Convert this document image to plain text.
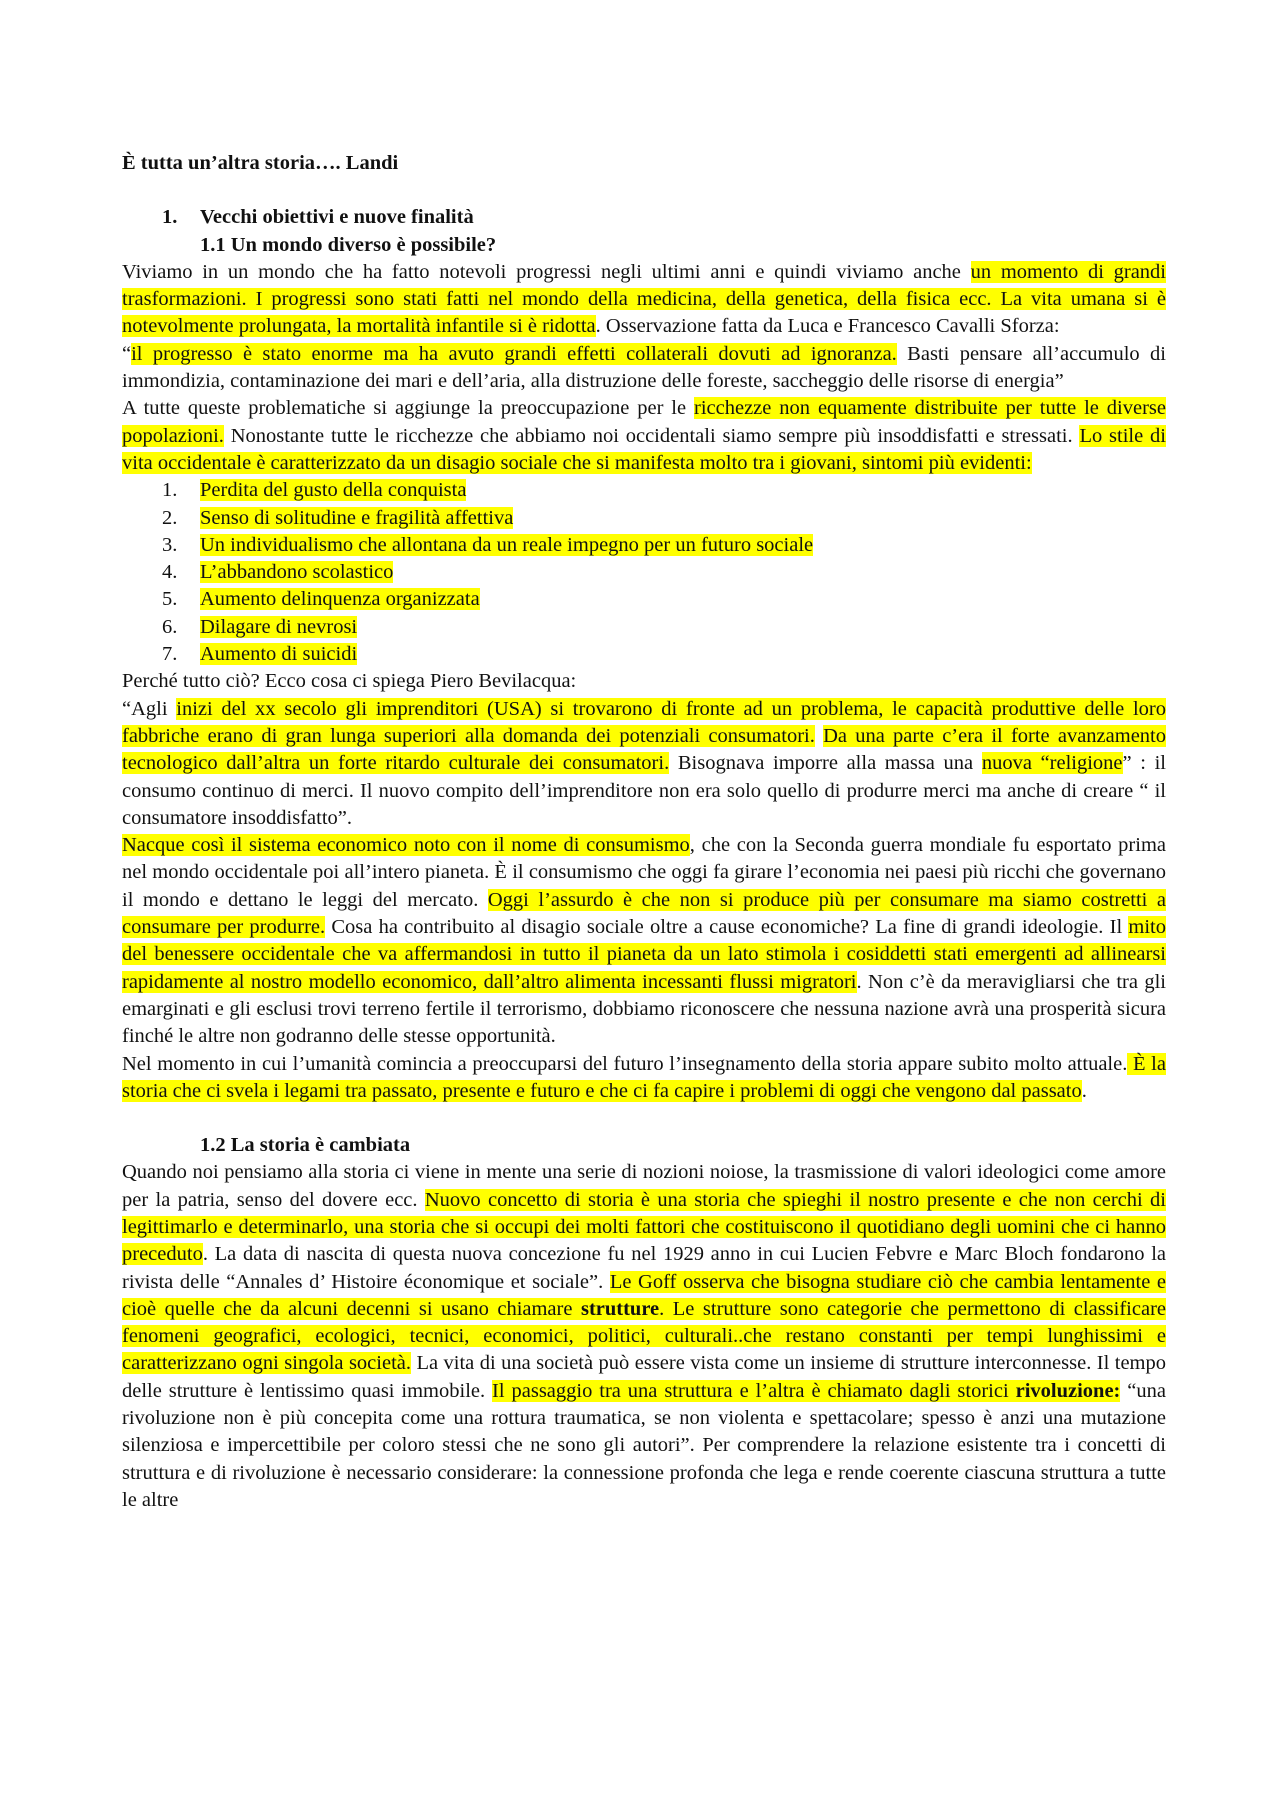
È tutta un’altra storia…. Landi
1. Vecchi obiettivi e nuove finalità
1.1 Un mondo diverso è possibile?

Viviamo in un mondo che ha fatto notevoli progressi negli ultimi anni e quindi viviamo anche un momento di grandi trasformazioni. I progressi sono stati fatti nel mondo della medicina, della genetica, della fisica ecc. La vita umana si è notevolmente prolungata, la mortalità infantile si è ridotta. Osservazione fatta da Luca e Francesco Cavalli Sforza:

“il progresso è stato enorme ma ha avuto grandi effetti collaterali dovuti ad ignoranza. Basti pensare all’accumulo di immondizia, contaminazione dei mari e dell’aria, alla distruzione delle foreste, saccheggio delle risorse di energia”

A tutte queste problematiche si aggiunge la preoccupazione per le ricchezze non equamente distribuite per tutte le diverse popolazioni. Nonostante tutte le ricchezze che abbiamo noi occidentali siamo sempre più insoddisfatti e stressati. Lo stile di vita occidentale è caratterizzato da un disagio sociale che si manifesta molto tra i giovani, sintomi più evidenti:

1. Perdita del gusto della conquista
2. Senso di solitudine e fragilità affettiva
3. Un individualismo che allontana da un reale impegno per un futuro sociale
4. L’abbandono scolastico
5. Aumento delinquenza organizzata
6. Dilagare di nevrosi
7. Aumento di suicidi

Perché tutto ciò? Ecco cosa ci spiega Piero Bevilacqua:

“Agli inizi del xx secolo gli imprenditori (USA) si trovarono di fronte ad un problema, le capacità produttive delle loro fabbriche erano di gran lunga superiori alla domanda dei potenziali consumatori. Da una parte c’era il forte avanzamento tecnologico dall’altra un forte ritardo culturale dei consumatori. Bisognava imporre alla massa una nuova “religione” : il consumo continuo di merci. Il nuovo compito dell’imprenditore non era solo quello di produrre merci ma anche di creare “ il consumatore insoddisfatto”.

Nacque così il sistema economico noto con il nome di consumismo, che con la Seconda guerra mondiale fu esportato prima nel mondo occidentale poi all’intero pianeta. È il consumismo che oggi fa girare l’economia nei paesi più ricchi che governano il mondo e dettano le leggi del mercato. Oggi l’assurdo è che non si produce più per consumare ma siamo costretti a consumare per produrre. Cosa ha contribuito al disagio sociale oltre a cause economiche? La fine di grandi ideologie. Il mito del benessere occidentale che va affermandosi in tutto il pianeta da un lato stimola i cosiddetti stati emergenti ad allinearsi rapidamente al nostro modello economico, dall’altro alimenta incessanti flussi migratori. Non c’è da meravigliarsi che tra gli emarginati e gli esclusi trovi terreno fertile il terrorismo, dobbiamo riconoscere che nessuna nazione avrà una prosperità sicura finché le altre non godranno delle stesse opportunità.

Nel momento in cui l’umanità comincia a preoccuparsi del futuro l’insegnamento della storia appare subito molto attuale. È la storia che ci svela i legami tra passato, presente e futuro e che ci fa capire i problemi di oggi che vengono dal passato.

1.2 La storia è cambiata

Quando noi pensiamo alla storia ci viene in mente una serie di nozioni noiose, la trasmissione di valori ideologici come amore per la patria, senso del dovere ecc. Nuovo concetto di storia è una storia che spieghi il nostro presente e che non cerchi di legittimarlo e determinarlo, una storia che si occupi dei molti fattori che costituiscono il quotidiano degli uomini che ci hanno preceduto. La data di nascita di questa nuova concezione fu nel 1929 anno in cui Lucien Febvre e Marc Bloch fondarono la rivista delle “Annales d’ Histoire économique et sociale”. Le Goff osserva che bisogna studiare ciò che cambia lentamente e cioè quelle che da alcuni decenni si usano chiamare strutture. Le strutture sono categorie che permettono di classificare fenomeni geografici, ecologici, tecnici, economici, politici, culturali..che restano constanti per tempi lunghissimi e caratterizzano ogni singola società. La vita di una società può essere vista come un insieme di strutture interconnesse. Il tempo delle strutture è lentissimo quasi immobile. Il passaggio tra una struttura e l’altra è chiamato dagli storici rivoluzione: “una rivoluzione non è più concepita come una rottura traumatica, se non violenta e spettacolare; spesso è anzi una mutazione silenziosa e impercettibile per coloro stessi che ne sono gli autori”. Per comprendere la relazione esistente tra i concetti di struttura e di rivoluzione è necessario considerare: la connessione profonda che lega e rende coerente ciascuna struttura a tutte le altre
